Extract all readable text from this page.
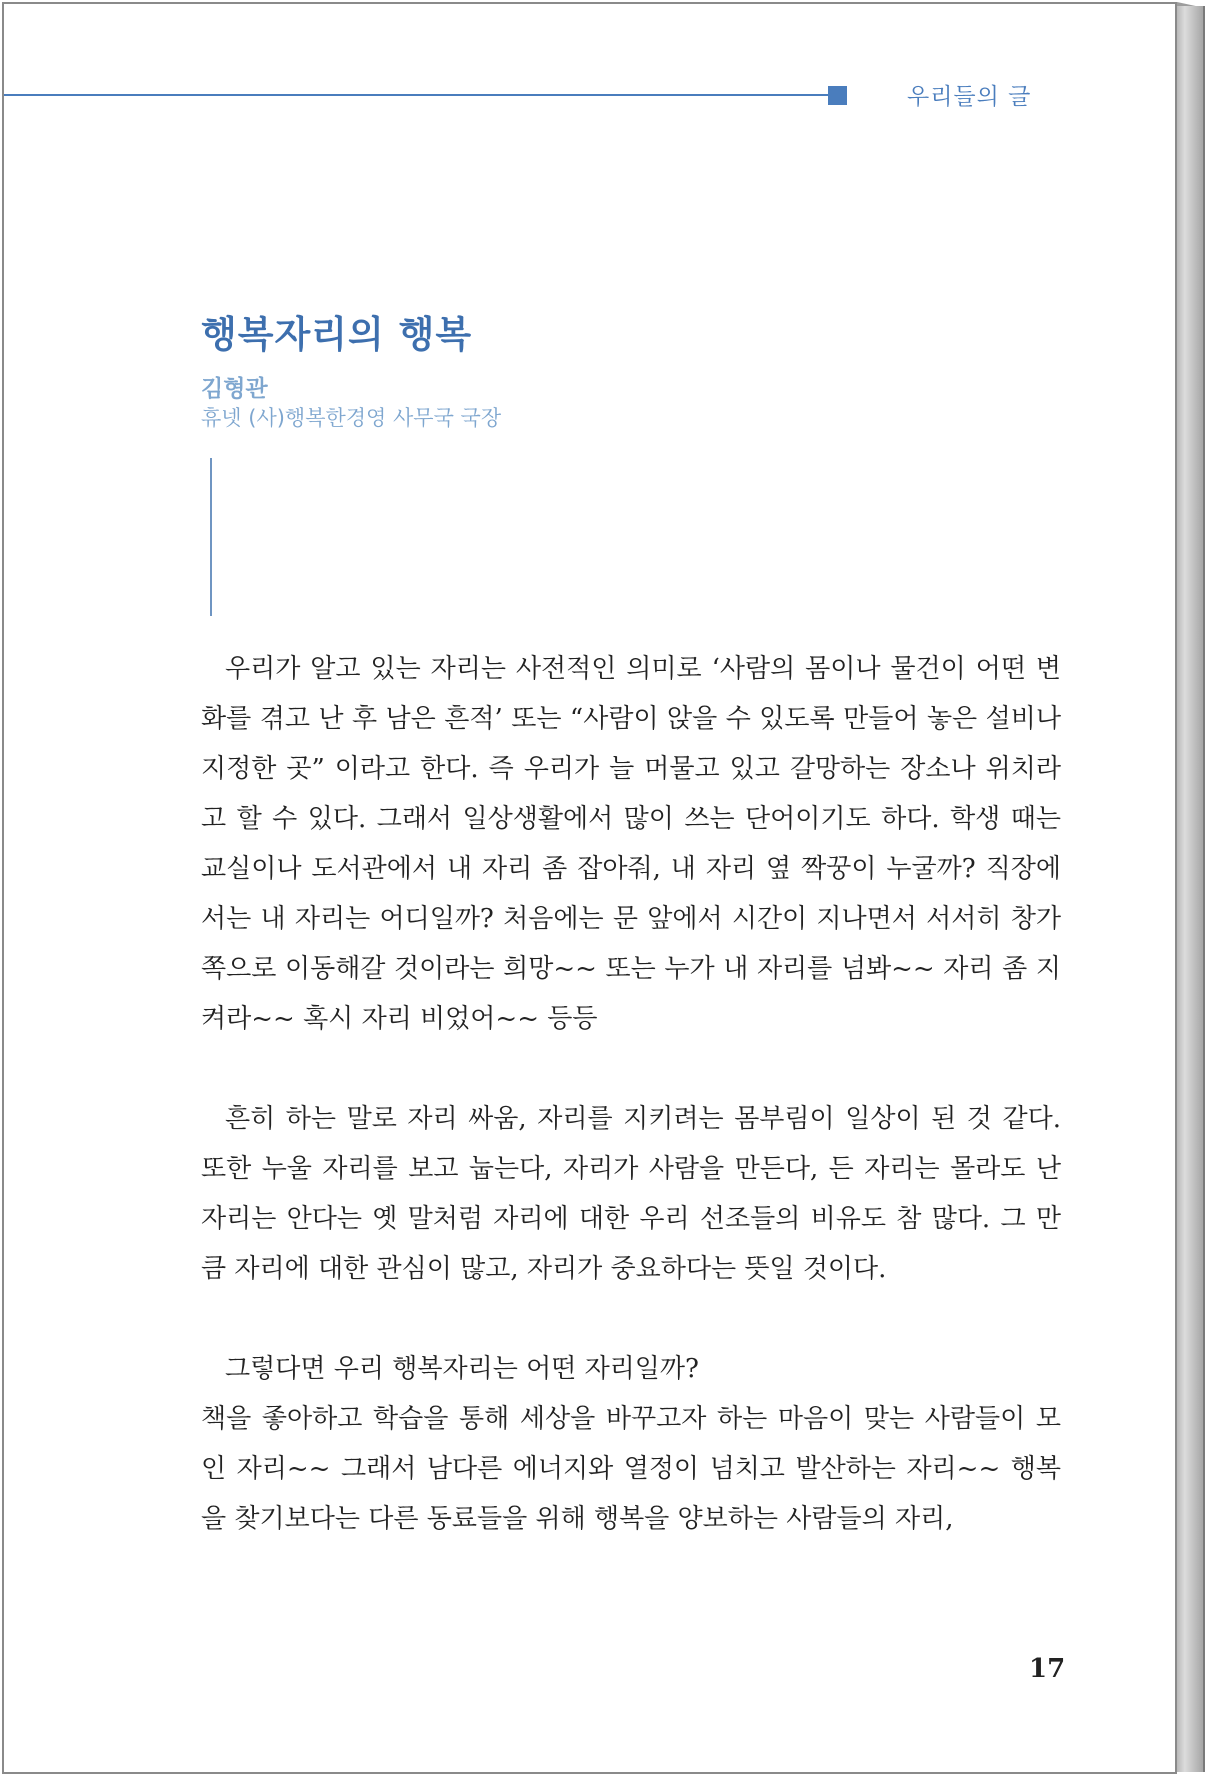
우리들의 글
행복자리의 행복
김형관
휴넷 (사)행복한경영 사무국 국장

우리가 알고 있는 자리는 사전적인 의미로 ‘사람의 몸이나 물건이 어떤 변화를 겪고 난 후 남은 흔적’ 또는 “사람이 앉을 수 있도록 만들어 놓은 설비나 지정한 곳” 이라고 한다. 즉 우리가 늘 머물고 있고 갈망하는 장소나 위치라고 할 수 있다. 그래서 일상생활에서 많이 쓰는 단어이기도 하다. 학생 때는 교실이나 도서관에서 내 자리 좀 잡아줘, 내 자리 옆 짝꿍이 누굴까? 직장에서는 내 자리는 어디일까? 처음에는 문 앞에서 시간이 지나면서 서서히 창가 쪽으로 이동해갈 것이라는 희망~~ 또는 누가 내 자리를 넘봐~~ 자리 좀 지켜라~~ 혹시 자리 비었어~~ 등등

흔히 하는 말로 자리 싸움, 자리를 지키려는 몸부림이 일상이 된 것 같다. 또한 누울 자리를 보고 눕는다, 자리가 사람을 만든다, 든 자리는 몰라도 난 자리는 안다는 옛 말처럼 자리에 대한 우리 선조들의 비유도 참 많다. 그 만큼 자리에 대한 관심이 많고, 자리가 중요하다는 뜻일 것이다.

그렇다면 우리 행복자리는 어떤 자리일까?

책을 좋아하고 학습을 통해 세상을 바꾸고자 하는 마음이 맞는 사람들이 모인 자리~~ 그래서 남다른 에너지와 열정이 넘치고 발산하는 자리~~ 행복을 찾기보다는 다른 동료들을 위해 행복을 양보하는 사람들의 자리,

17
